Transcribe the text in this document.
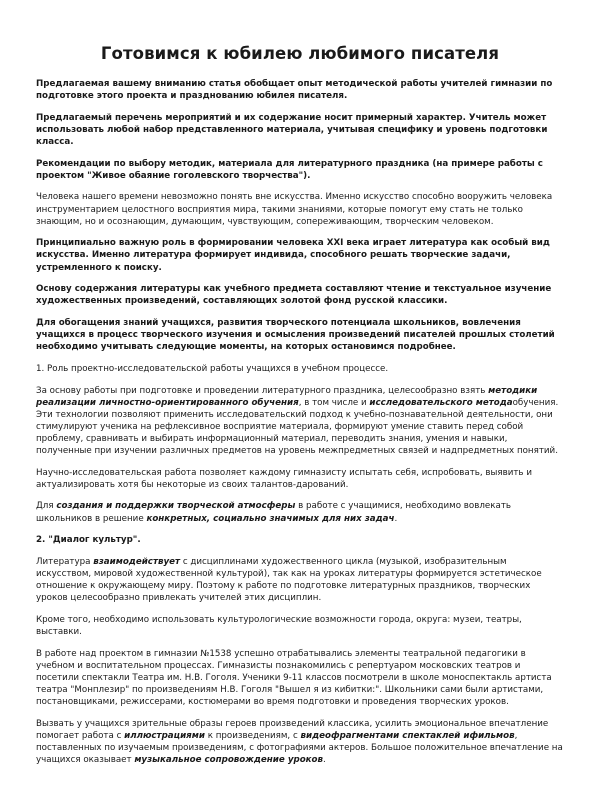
Готовимся к юбилею любимого писателя

Предлагаемая вашему вниманию статья обобщает опыт методической работы учителей гимназии по подготовке этого проекта и празднованию юбилея писателя.

Предлагаемый перечень мероприятий и их содержание носит примерный характер. Учитель может использовать любой набор представленного материала, учитывая специфику и уровень подготовки класса.

Рекомендации по выбору методик, материала для литературного праздника (на примере работы с проектом "Живое обаяние гоголевского творчества").

Человека нашего времени невозможно понять вне искусства. Именно искусство способно вооружить человека инструментарием целостного восприятия мира, такими знаниями, которые помогут ему стать не только знающим, но и осознающим, думающим, чувствующим, сопереживающим, творческим человеком.

Принципиально важную роль в формировании человека XXI века играет литература как особый вид искусства. Именно литература формирует индивида, способного решать творческие задачи, устремленного к поиску.

Основу содержания литературы как учебного предмета составляют чтение и текстуальное изучение художественных произведений, составляющих золотой фонд русской классики.

Для обогащения знаний учащихся, развития творческого потенциала школьников, вовлечения учащихся в процесс творческого изучения и осмысления произведений писателей прошлых столетий необходимо учитывать следующие моменты, на которых остановимся подробнее.

1. Роль проектно-исследовательской работы учащихся в учебном процессе.

За основу работы при подготовке и проведении литературного праздника, целесообразно взять методики реализации личностно-ориентированного обучения, в том числе и исследовательского методаобучения. Эти технологии позволяют применить исследовательский подход к учебно-познавательной деятельности, они стимулируют ученика на рефлексивное восприятие материала, формируют умение ставить перед собой проблему, сравнивать и выбирать информационный материал, переводить знания, умения и навыки, полученные при изучении различных предметов на уровень межпредметных связей и надпредметных понятий.

Научно-исследовательская работа позволяет каждому гимназисту испытать себя, испробовать, выявить и актуализировать хотя бы некоторые из своих талантов-дарований.

Для создания и поддержки творческой атмосферы в работе с учащимися, необходимо вовлекать школьников в решение конкретных, социально значимых для них задач.

2. "Диалог культур".

Литература взаимодействует с дисциплинами художественного цикла (музыкой, изобразительным искусством, мировой художественной культурой), так как на уроках литературы формируется эстетическое отношение к окружающему миру. Поэтому к работе по подготовке литературных праздников, творческих уроков целесообразно привлекать учителей этих дисциплин.

Кроме того, необходимо использовать культурологические возможности города, округа: музеи, театры, выставки.

В работе над проектом в гимназии №1538 успешно отрабатывались элементы театральной педагогики в учебном и воспитательном процессах. Гимназисты познакомились с репертуаром московских театров и посетили спектакли Театра им. Н.В. Гоголя. Ученики 9-11 классов посмотрели в школе моноспектакль артиста театра "Монплезир" по произведениям Н.В. Гоголя "Вышел я из кибитки:". Школьники сами были артистами, постановщиками, режиссерами, костюмерами во время подготовки и проведения творческих уроков.

Вызвать у учащихся зрительные образы героев произведений классика, усилить эмоциональное впечатление помогает работа с иллюстрациями к произведениям, с видеофрагментами спектаклей ифильмов, поставленных по изучаемым произведениям, с фотографиями актеров. Большое положительное впечатление на учащихся оказывает музыкальное сопровождение уроков.
